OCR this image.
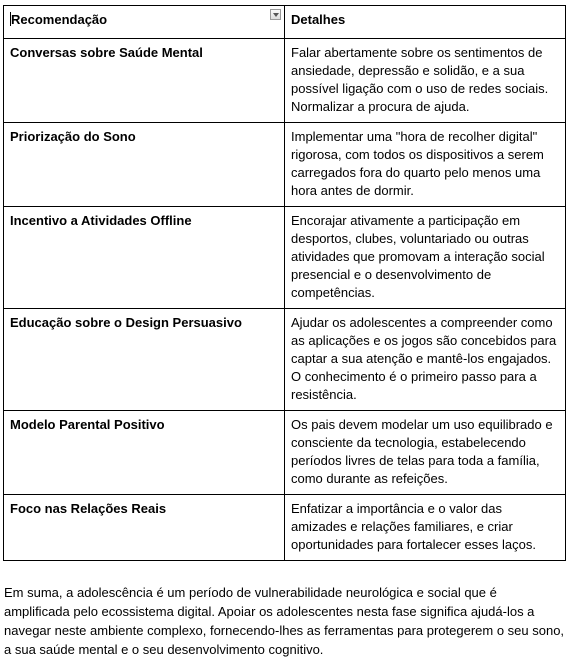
Recomendação	Detalhes
Conversas sobre Saúde Mental	Falar abertamente sobre os sentimentos de ansiedade, depressão e solidão, e a sua possível ligação com o uso de redes sociais. Normalizar a procura de ajuda.
Priorização do Sono	Implementar uma "hora de recolher digital" rigorosa, com todos os dispositivos a serem carregados fora do quarto pelo menos uma hora antes de dormir.
Incentivo a Atividades Offline	Encorajar ativamente a participação em desportos, clubes, voluntariado ou outras atividades que promovam a interação social presencial e o desenvolvimento de competências.
Educação sobre o Design Persuasivo	Ajudar os adolescentes a compreender como as aplicações e os jogos são concebidos para captar a sua atenção e mantê-los engajados. O conhecimento é o primeiro passo para a resistência.
Modelo Parental Positivo	Os pais devem modelar um uso equilibrado e consciente da tecnologia, estabelecendo períodos livres de telas para toda a família, como durante as refeições.
Foco nas Relações Reais	Enfatizar a importância e o valor das amizades e relações familiares, e criar oportunidades para fortalecer esses laços.

Em suma, a adolescência é um período de vulnerabilidade neurológica e social que é amplificada pelo ecossistema digital. Apoiar os adolescentes nesta fase significa ajudá-los a navegar neste ambiente complexo, fornecendo-lhes as ferramentas para protegerem o seu sono, a sua saúde mental e o seu desenvolvimento cognitivo.
